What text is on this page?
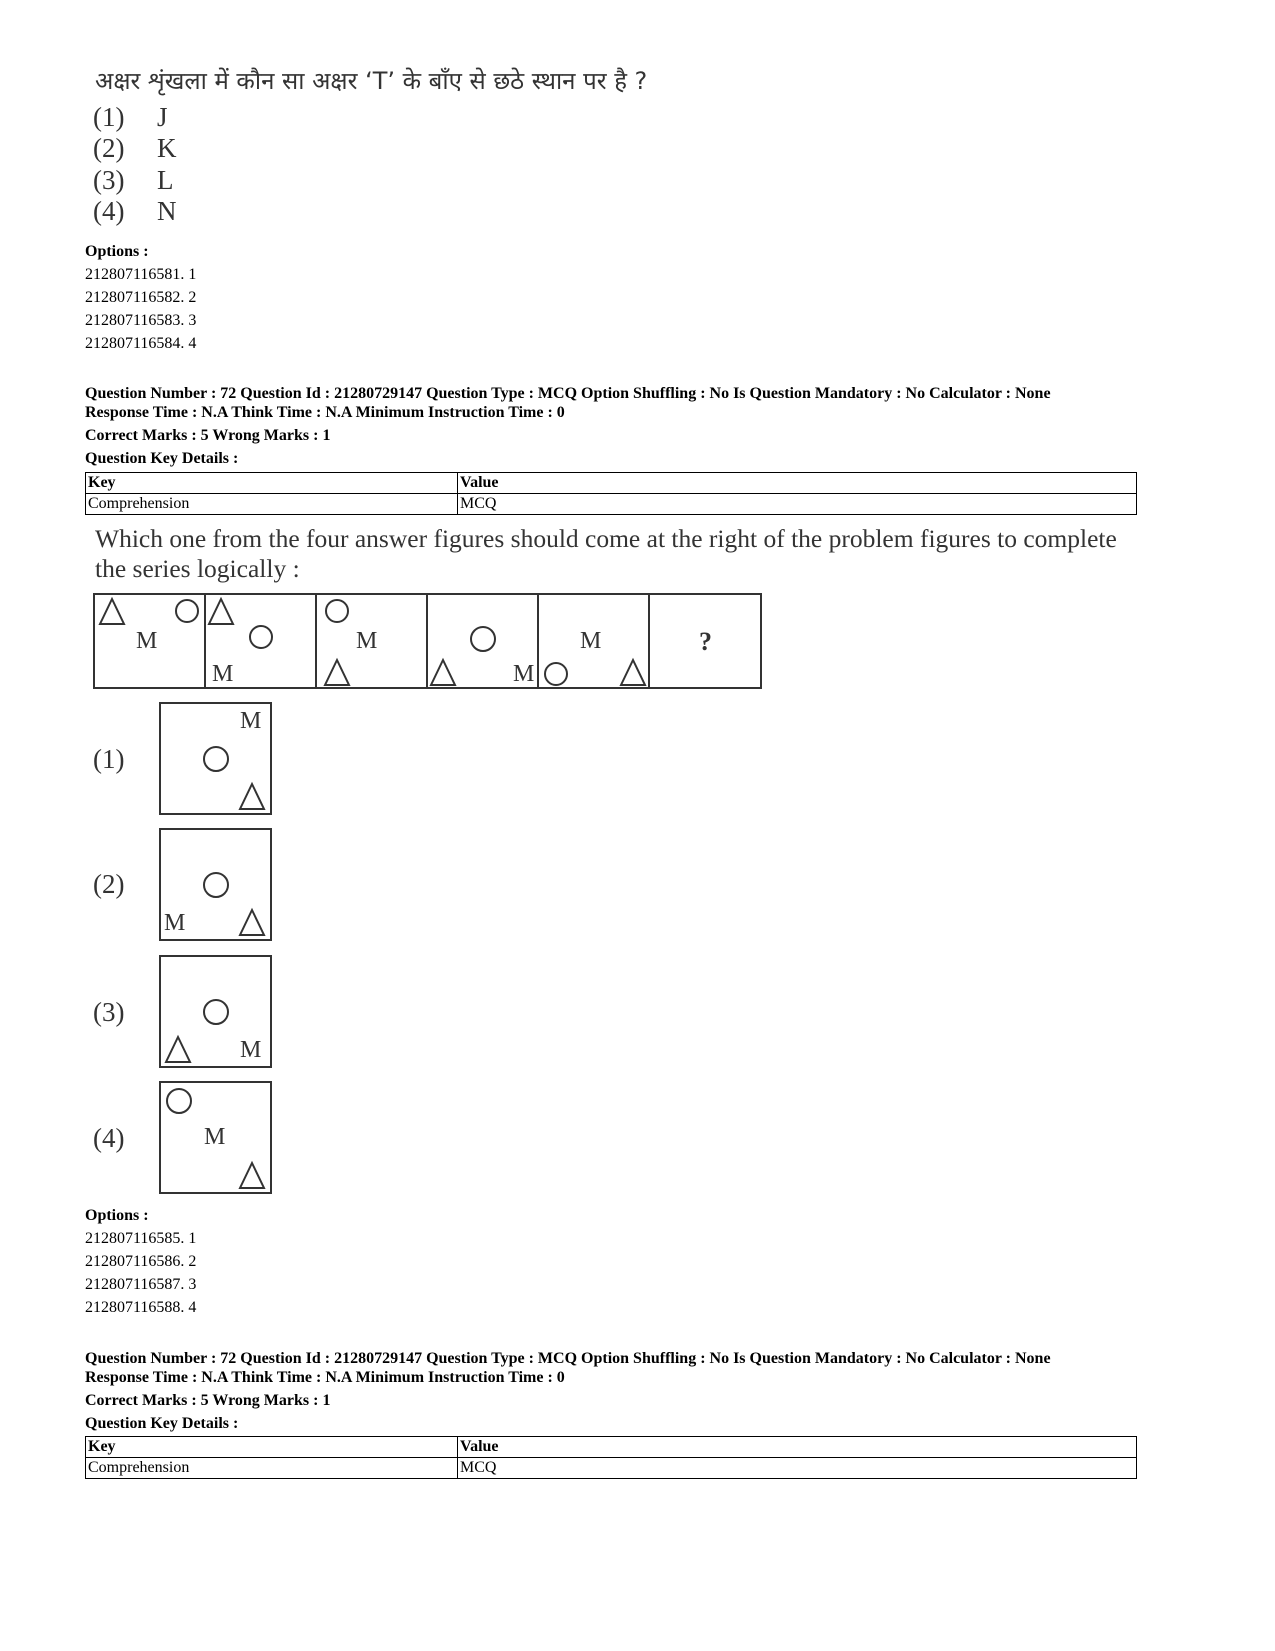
अक्षर शृंखला में कौन सा अक्षर ‘T’ के बाँए से छठे स्थान पर है ?
(1) J
(2) K
(3) L
(4) N
Options :
212807116581. 1
212807116582. 2
212807116583. 3
212807116584. 4
Question Number : 72 Question Id : 21280729147 Question Type : MCQ Option Shuffling : No Is Question Mandatory : No Calculator : None
Response Time : N.A Think Time : N.A Minimum Instruction Time : 0
Correct Marks : 5 Wrong Marks : 1
Question Key Details :
Key	Value
Comprehension	MCQ
Which one from the four answer figures should come at the right of the problem figures to complete
the series logically :
M
M
M
M
M	?
(1)
M
(2)
M
(3)
M
(4)	M
Options :
212807116585. 1
212807116586. 2
212807116587. 3
212807116588. 4
Question Number : 72 Question Id : 21280729147 Question Type : MCQ Option Shuffling : No Is Question Mandatory : No Calculator : None
Response Time : N.A Think Time : N.A Minimum Instruction Time : 0
Correct Marks : 5 Wrong Marks : 1
Question Key Details :
Key	Value
Comprehension	MCQ
